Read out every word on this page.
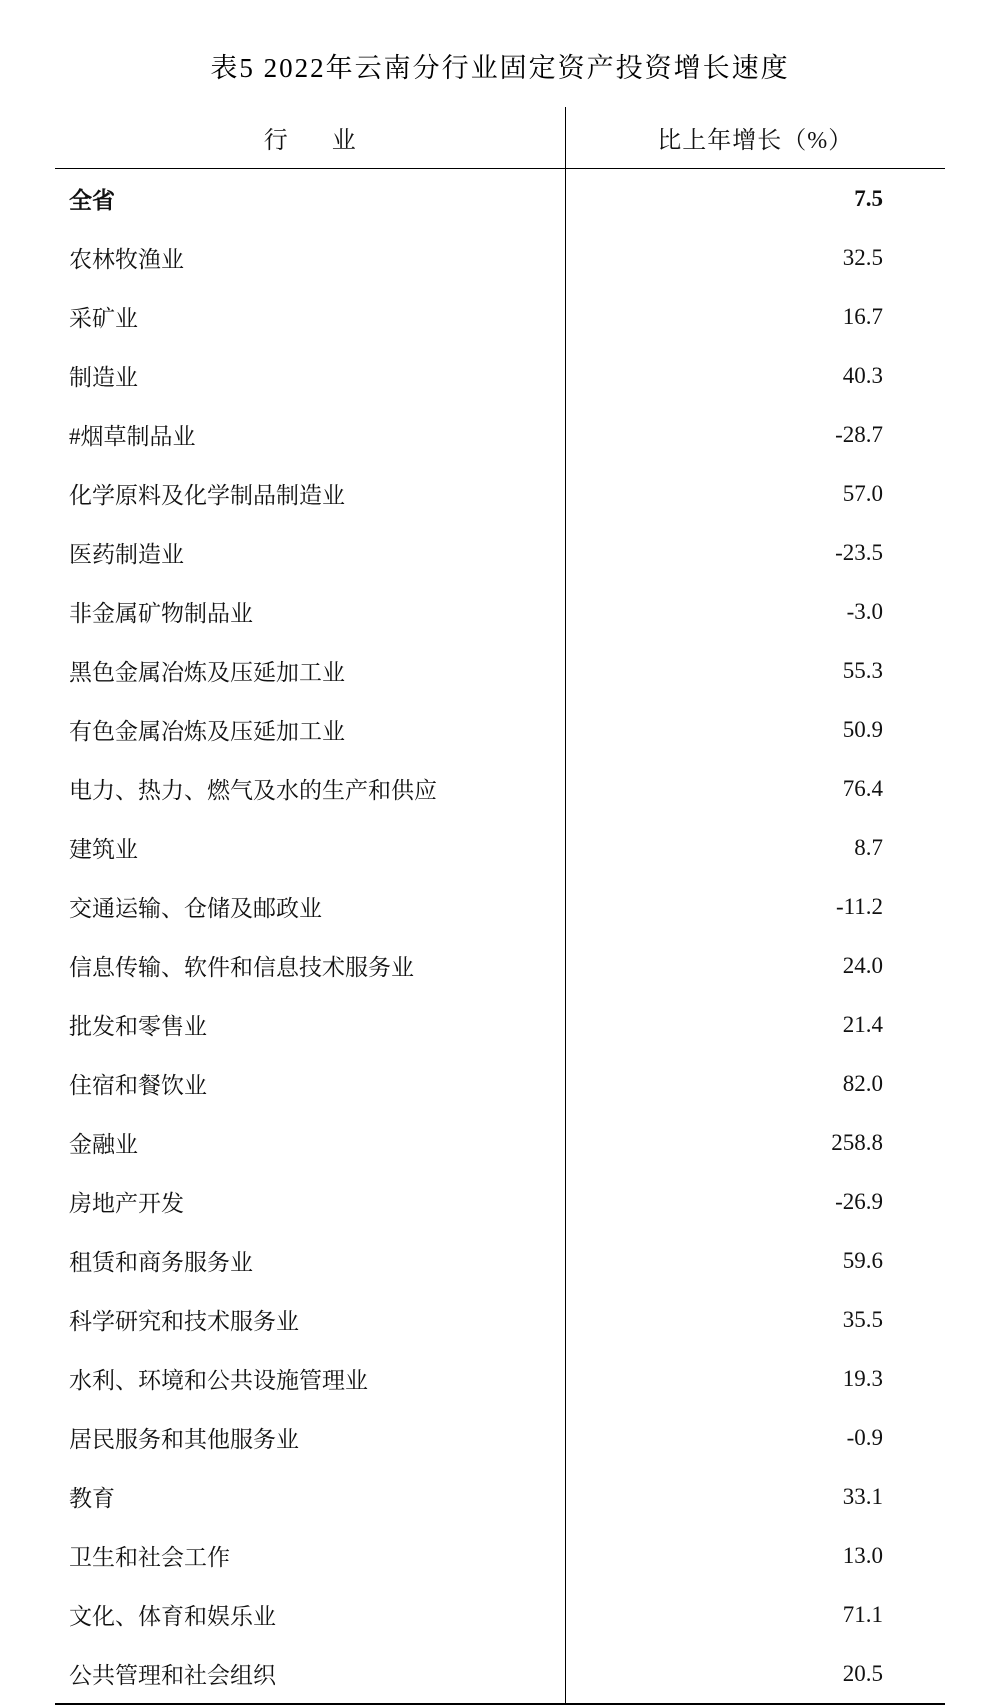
表5 2022年云南分行业固定资产投资增长速度
行　业	比上年增长（%）
全省	7.5
农林牧渔业	32.5
采矿业	16.7
制造业	40.3
#烟草制品业	-28.7
化学原料及化学制品制造业	57.0
医药制造业	-23.5
非金属矿物制品业	-3.0
黑色金属冶炼及压延加工业	55.3
有色金属冶炼及压延加工业	50.9
电力、热力、燃气及水的生产和供应	76.4
建筑业	8.7
交通运输、仓储及邮政业	-11.2
信息传输、软件和信息技术服务业	24.0
批发和零售业	21.4
住宿和餐饮业	82.0
金融业	258.8
房地产开发	-26.9
租赁和商务服务业	59.6
科学研究和技术服务业	35.5
水利、环境和公共设施管理业	19.3
居民服务和其他服务业	-0.9
教育	33.1
卫生和社会工作	13.0
文化、体育和娱乐业	71.1
公共管理和社会组织	20.5
